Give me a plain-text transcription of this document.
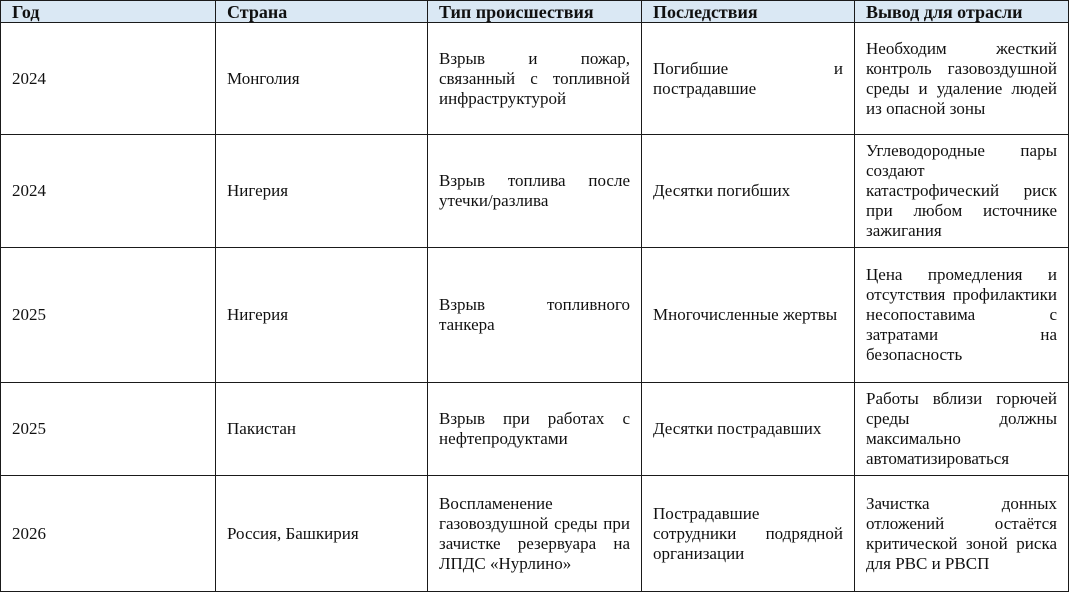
Год	Страна	Тип происшествия	Последствия	Вывод для отрасли
2024	Монголия	Взрыв и пожар, связанный с топливной инфраструктурой	Погибшие и пострадавшие	Необходим жесткий контроль газовоздушной среды и удаление людей из опасной зоны
2024	Нигерия	Взрыв топлива после утечки/разлива	Десятки погибших	Углеводородные пары создают катастрофический риск при любом источнике зажигания
2025	Нигерия	Взрыв топливного танкера	Многочисленные жертвы	Цена промедления и отсутствия профилактики несопоставима с затратами на безопасность
2025	Пакистан	Взрыв при работах с нефтепродуктами	Десятки пострадавших	Работы вблизи горючей среды должны максимально автоматизироваться
2026	Россия, Башкирия	Воспламенение газовоздушной среды при зачистке резервуара на ЛПДС «Нурлино»	Пострадавшие сотрудники подрядной организации	Зачистка донных отложений остаётся критической зоной риска для РВС и РВСП
